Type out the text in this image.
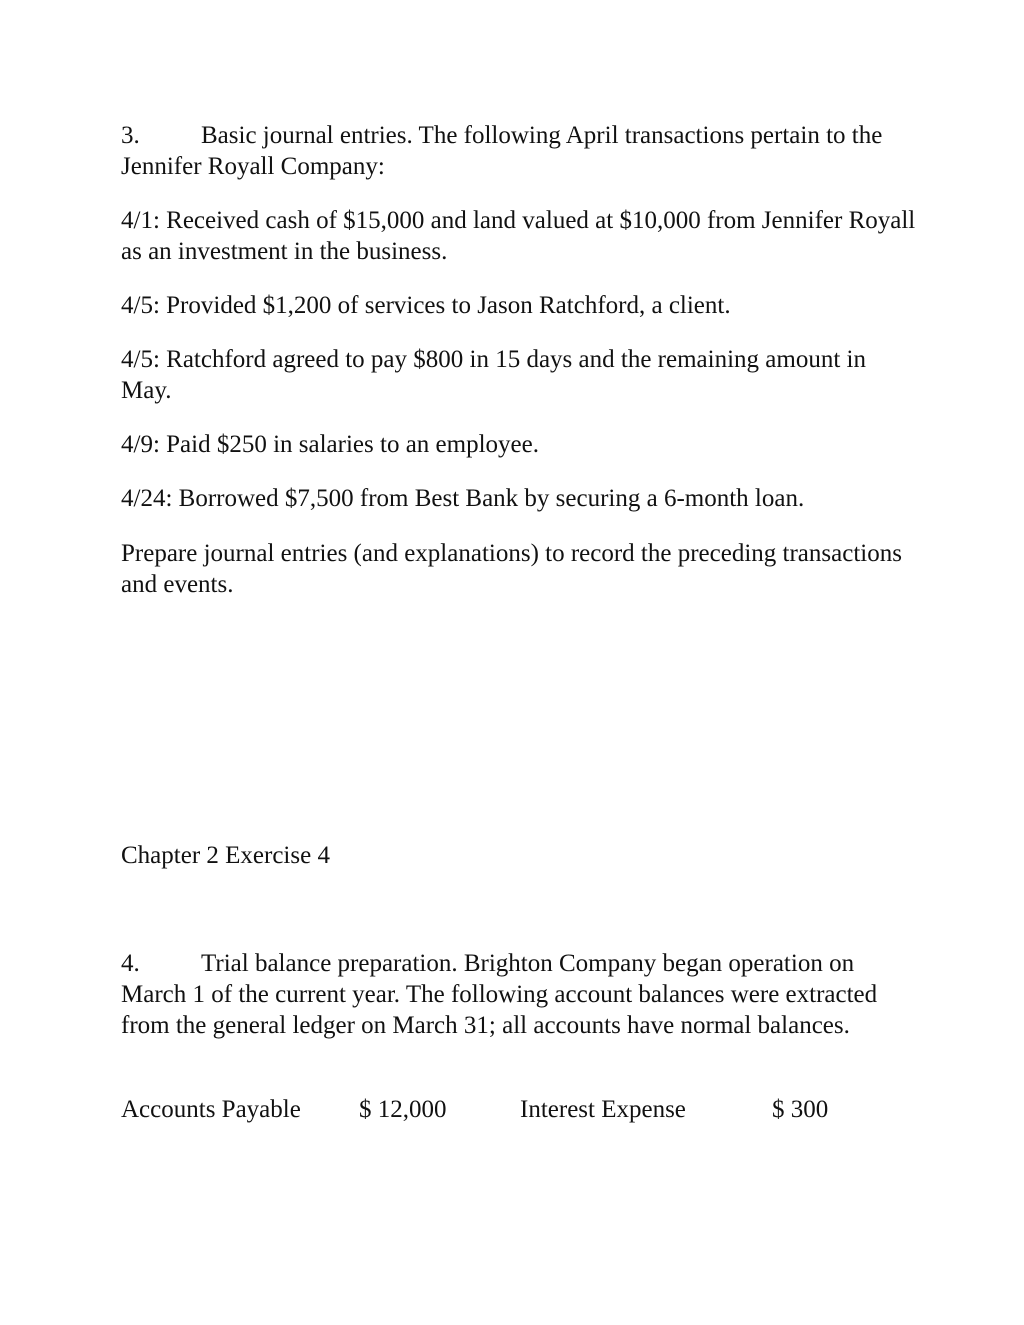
3. Basic journal entries. The following April transactions pertain to the Jennifer Royall Company:

4/1: Received cash of $15,000 and land valued at $10,000 from Jennifer Royall as an investment in the business.

4/5: Provided $1,200 of services to Jason Ratchford, a client.

4/5: Ratchford agreed to pay $800 in 15 days and the remaining amount in May.

4/9: Paid $250 in salaries to an employee.

4/24: Borrowed $7,500 from Best Bank by securing a 6-month loan.

Prepare journal entries (and explanations) to record the preceding transactions and events.

Chapter 2 Exercise 4

4. Trial balance preparation. Brighton Company began operation on March 1 of the current year. The following account balances were extracted from the general ledger on March 31; all accounts have normal balances.

Accounts Payable $ 12,000	Interest Expense	$ 300
